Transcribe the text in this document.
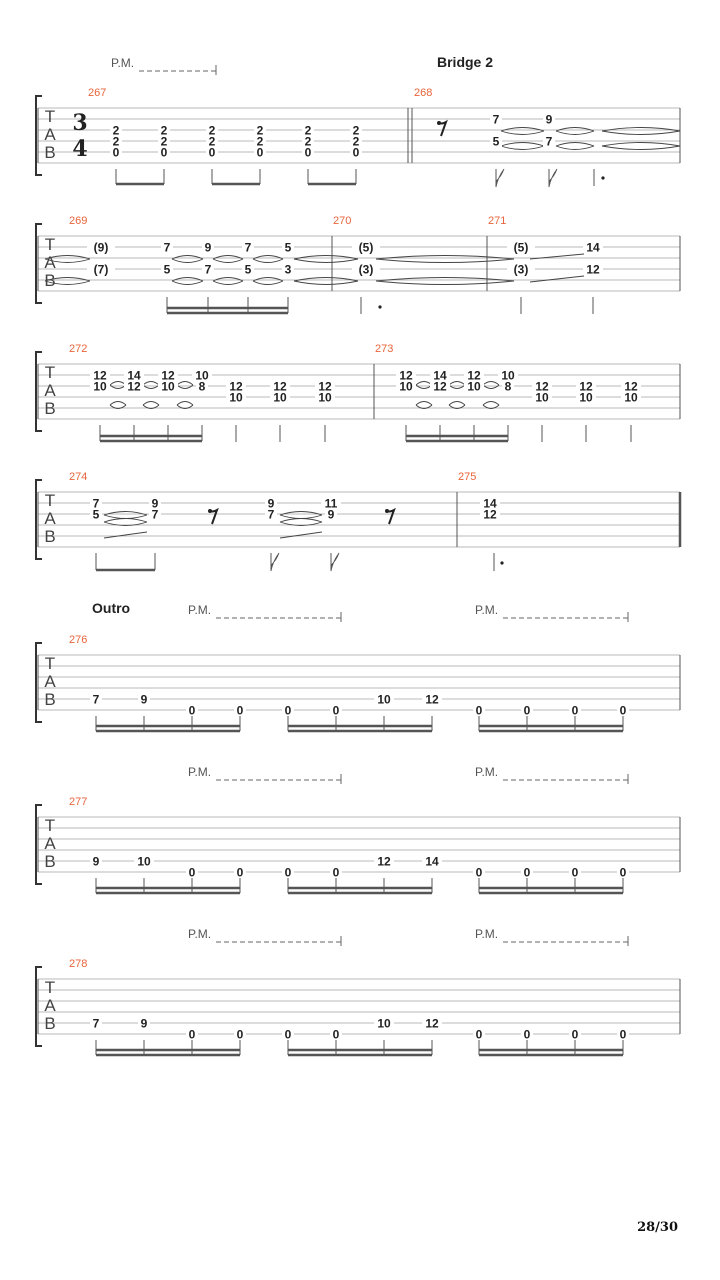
T
A
B
267	268
Bridge 2
3
4
2
2
0
2
2
0
2
2
0
2
2
0
2
2
0
2
2
0
7
5
9
7
P.M.
T
A
B
269	270	271
(9)
(7)
7
5
9
7
7
5
5
3
(5)
(3)
(5)
(3)
14
12
T
A
B
272	273
12
10
14
12
12
10
10
8 12
10
12
10
12
10
12
10
14
12
12
10
10
8 12
10
12
10
12
10
T
A
B
274	275
7
5
9
7
9
7
11
9
14
12
T
A
B
276
Outro
7	9
0	0	0	0
10	12
0	0	0	0
P.M.	P.M.
T
A
B
277
9	10
0	0	0	0
12	14
0	0	0	0
P.M.	P.M.
T
A
B
278
7	9
0	0	0	0
10	12
0	0	0	0
P.M.	P.M.
28/30
